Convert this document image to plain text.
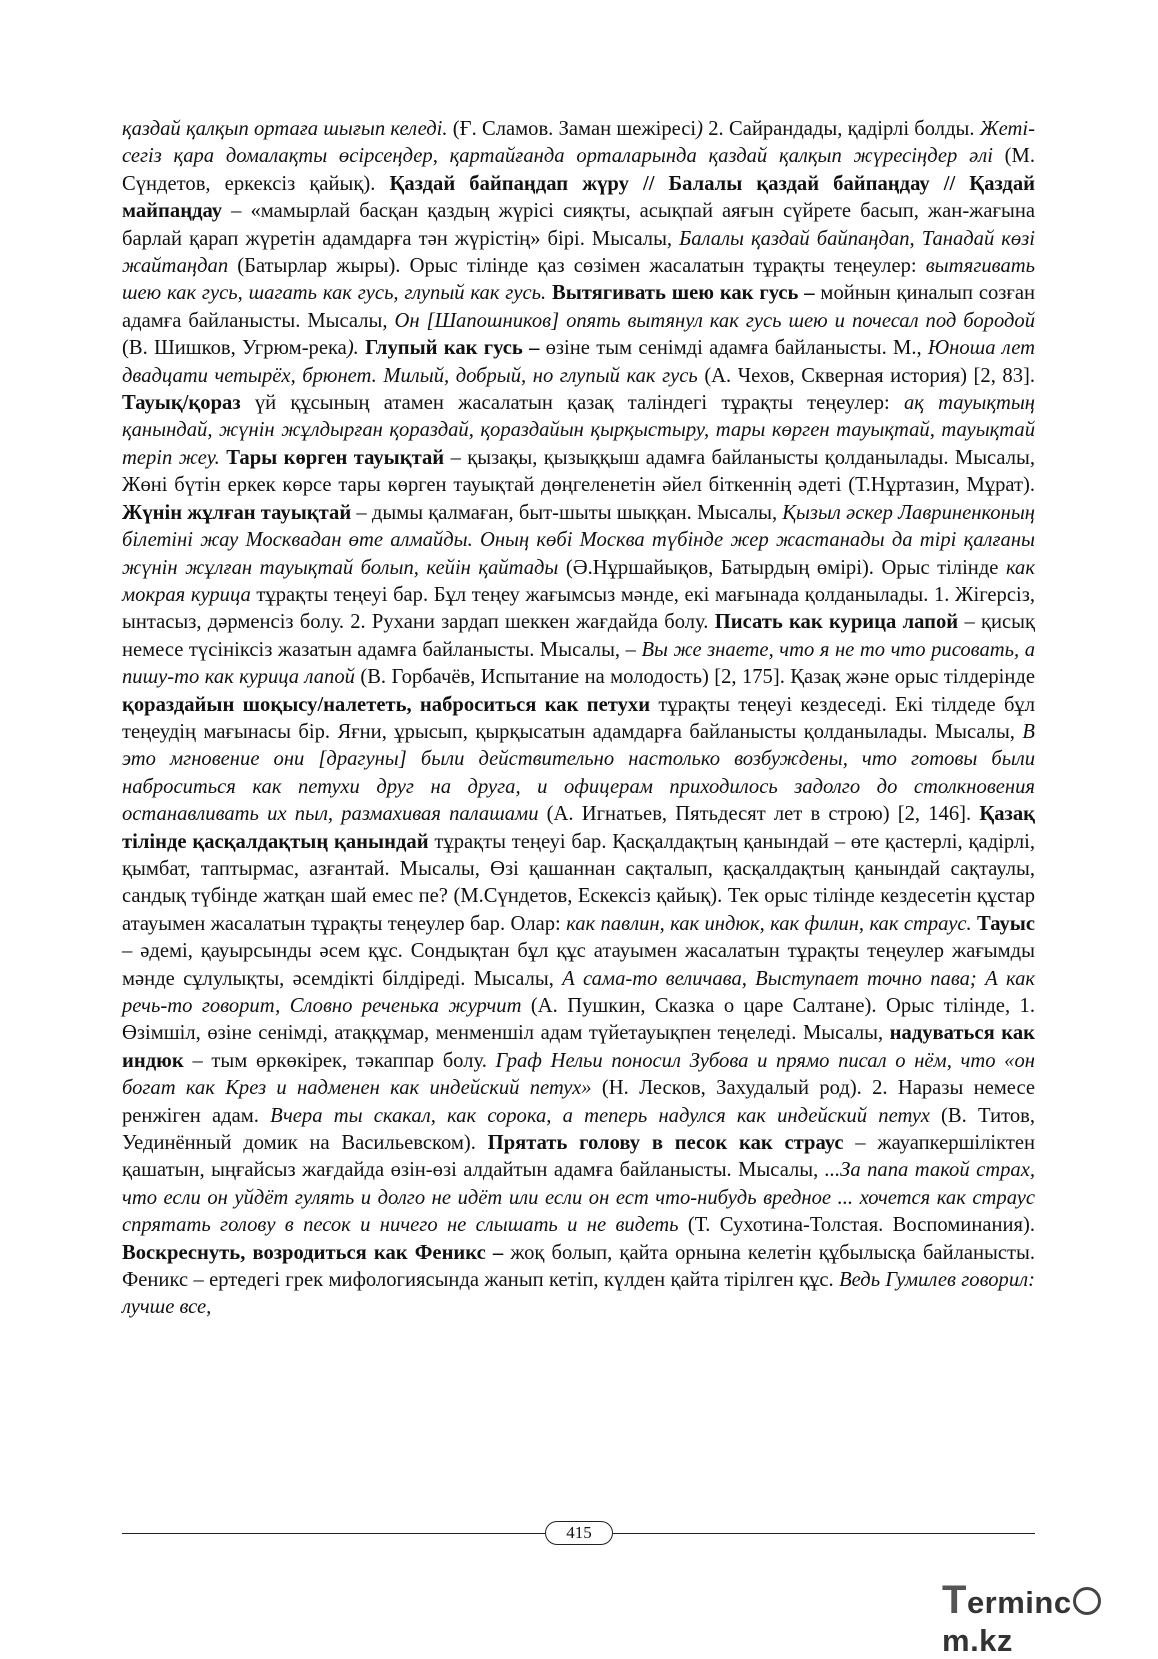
қаздай қалқып ортаға шығып келеді. (Ғ. Сламов. Заман шежіресі) 2. Сайрандады, қадірлі болды. Жеті-сегіз қара домалақты өсірсеңдер, қартайғанда орталарында қаздай қалқып жүресіңдер әлі (М. Сүндетов, еркексіз қайық). Қаздай байпаңдап жүру // Балалы қаздай байпаңдау // Қаздай майпаңдау – «мамырлай басқан қаздың жүрісі сияқты, асықпай аяғын сүйрете басып, жан-жағына барлай қарап жүретін адамдарға тән жүрістің» бірі. Мысалы, Балалы қаздай байпаңдап, Танадай көзі жайтаңдап (Батырлар жыры). Орыс тілінде қаз сөзімен жасалатын тұрақты теңеулер: вытягивать шею как гусь, шагать как гусь, глупый как гусь. Вытягивать шею как гусь – мойнын қиналып созған адамға байланысты. Мысалы, Он [Шапошников] опять вытянул как гусь шею и почесал под бородой (В. Шишков, Угрюм-река). Глупый как гусь – өзіне тым сенімді адамға байланысты. М., Юноша лет двадцати четырёх, брюнет. Милый, добрый, но глупый как гусь (А. Чехов, Скверная история) [2, 83]. Тауық/қораз үй құсының атамен жасалатын қазақ таліндегі тұрақты теңеулер: ақ тауықтың қанындай, жүнін жұлдырған қораздай, қораздайын қырқыстыру, тары көрген тауықтай, тауықтай теріп жеу. Тары көрген тауықтай – қызақы, қызыққыш адамға байланысты қолданылады. Мысалы, Жөні бүтін еркек көрсе тары көрген тауықтай дөңгеленетін әйел біткеннің әдеті (Т.Нұртазин, Мұрат). Жүнін жұлған тауықтай – дымы қалмаған, быт-шыты шыққан. Мысалы, Қызыл әскер Лавриненконың білетіні жау Москвадан өте алмайды. Оның көбі Москва түбінде жер жастанады да тірі қалғаны жүнін жұлған тауықтай болып, кейін қайтады (Ә.Нұршайықов, Батырдың өмірі). Орыс тілінде как мокрая курица тұрақты теңеуі бар. Бұл теңеу жағымсыз мәнде, екі мағынада қолданылады. 1. Жігерсіз, ынтасыз, дәрменсіз болу. 2. Рухани зардап шеккен жағдайда болу. Писать как курица лапой – қисық немесе түсініксіз жазатын адамға байланысты. Мысалы, – Вы же знаете, что я не то что рисовать, а пишу-то как курица лапой (В. Горбачёв, Испытание на молодость) [2, 175]. Қазақ және орыс тілдерінде қораздайын шоқысу/налететь, наброситься как петухи тұрақты теңеуі кездеседі. Екі тілдеде бұл теңеудің мағынасы бір. Яғни, ұрысып, қырқысатын адамдарға байланысты қолданылады. Мысалы, В это мгновение они [драгуны] были действительно настолько возбуждены, что готовы были наброситься как петухи друг на друга, и офицерам приходилось задолго до столкновения останавливать их пыл, размахивая палашами (А. Игнатьев, Пятьдесят лет в строю) [2, 146]. Қазақ тілінде қасқалдақтың қанындай тұрақты теңеуі бар. Қасқалдақтың қанындай – өте қастерлі, қадірлі, қымбат, таптырмас, азғантай. Мысалы, Өзі қашаннан сақталып, қасқалдақтың қанындай сақтаулы, сандық түбінде жатқан шай емес пе? (М.Сүндетов, Ескексіз қайық). Тек орыс тілінде кездесетін құстар атауымен жасалатын тұрақты теңеулер бар. Олар: как павлин, как индюк, как филин, как страус. Тауыс – әдемі, қауырсынды әсем құс. Сондықтан бұл құс атауымен жасалатын тұрақты теңеулер жағымды мәнде сұлулықты, әсемдікті білдіреді. Мысалы, А сама-то величава, Выступает точно пава; А как речь-то говорит, Словно реченька журчит (А. Пушкин, Сказка о царе Салтане). Орыс тілінде, 1. Өзімшіл, өзіне сенімді, атаққұмар, менменшіл адам түйетауықпен теңеледі. Мысалы, надуваться как индюк – тым өркөкірек, тәкаппар болу. Граф Нельи поносил Зубова и прямо писал о нём, что «он богат как Крез и надменен как индейский петух» (Н. Лесков, Захудалый род). 2. Наразы немесе ренжіген адам. Вчера ты скакал, как сорока, а теперь надулся как индейский петух (В. Титов, Уединённый домик на Васильевском). Прятать голову в песок как страус – жауапкершіліктен қашатын, ыңғайсыз жағдайда өзін-өзі алдайтын адамға байланысты. Мысалы, ...За папа такой страх, что если он уйдёт гулять и долго не идёт или если он ест что-нибудь вредное ... хочется как страус спрятать голову в песок и ничего не слышать и не видеть (Т. Сухотина-Толстая. Воспоминания). Воскреснуть, возродиться как Феникс – жоқ болып, қайта орнына келетін құбылысқа байланысты. Феникс – ертедегі грек мифологиясында жанып кетіп, күлден қайта тірілген құс. Ведь Гумилев говорил: лучше все,
415
Termincm.kz
